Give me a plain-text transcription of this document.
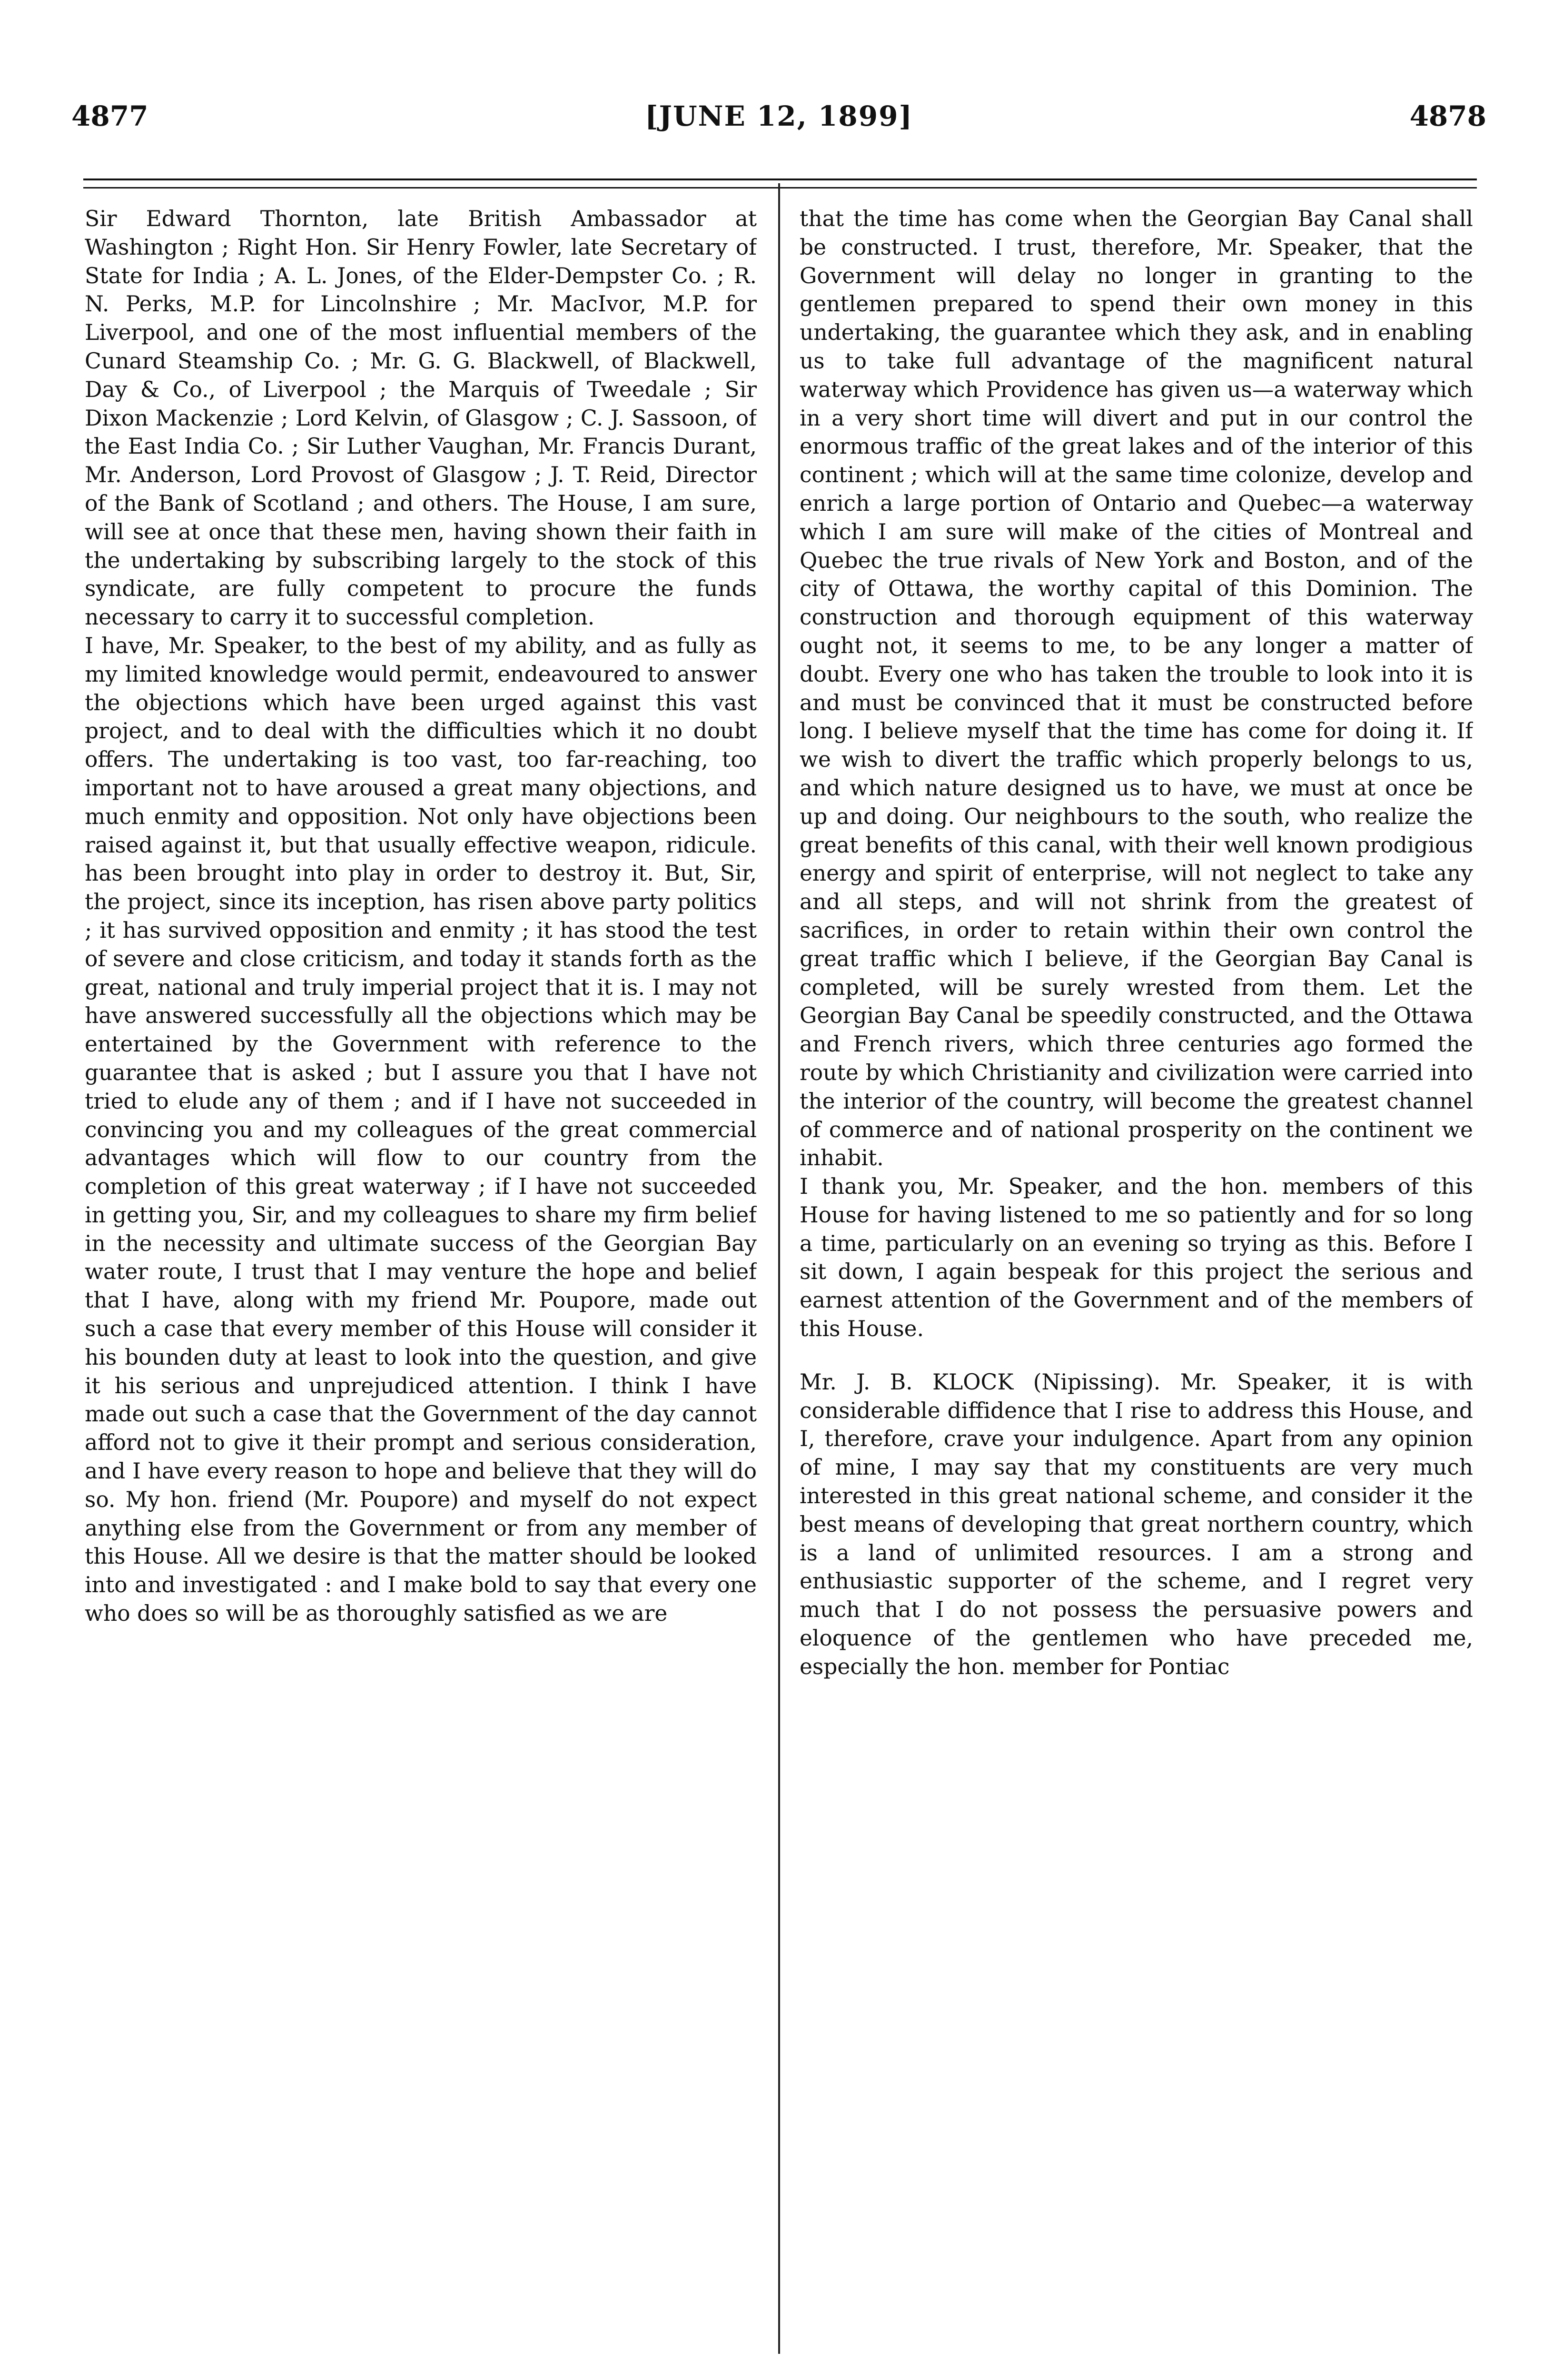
4877	[JUNE 12, 1899]	4878

Sir Edward Thornton, late British Ambassador at Washington ; Right Hon. Sir Henry Fowler, late Secretary of State for India ; A. L. Jones, of the Elder-Dempster Co. ; R. N. Perks, M.P. for Lincolnshire ; Mr. MacIvor, M.P. for Liverpool, and one of the most influential members of the Cunard Steamship Co. ; Mr. G. G. Blackwell, of Blackwell, Day & Co., of Liverpool ; the Marquis of Tweedale ; Sir Dixon Mackenzie ; Lord Kelvin, of Glasgow ; C. J. Sassoon, of the East India Co. ; Sir Luther Vaughan, Mr. Francis Durant, Mr. Anderson, Lord Provost of Glasgow ; J. T. Reid, Director of the Bank of Scotland ; and others. The House, I am sure, will see at once that these men, having shown their faith in the undertaking by subscribing largely to the stock of this syndicate, are fully competent to procure the funds necessary to carry it to successful completion.

I have, Mr. Speaker, to the best of my ability, and as fully as my limited knowledge would permit, endeavoured to answer the objections which have been urged against this vast project, and to deal with the difficulties which it no doubt offers. The undertaking is too vast, too far-reaching, too important not to have aroused a great many objections, and much enmity and opposition. Not only have objections been raised against it, but that usually effective weapon, ridicule. has been brought into play in order to destroy it. But, Sir, the project, since its inception, has risen above party politics ; it has survived opposition and enmity ; it has stood the test of severe and close criticism, and today it stands forth as the great, national and truly imperial project that it is. I may not have answered successfully all the objections which may be entertained by the Government with reference to the guarantee that is asked ; but I assure you that I have not tried to elude any of them ; and if I have not succeeded in convincing you and my colleagues of the great commercial advantages which will flow to our country from the completion of this great waterway ; if I have not succeeded in getting you, Sir, and my colleagues to share my firm belief in the necessity and ultimate success of the Georgian Bay water route, I trust that I may venture the hope and belief that I have, along with my friend Mr. Poupore, made out such a case that every member of this House will consider it his bounden duty at least to look into the question, and give it his serious and unprejudiced attention. I think I have made out such a case that the Government of the day cannot afford not to give it their prompt and serious consideration, and I have every reason to hope and believe that they will do so. My hon. friend (Mr. Poupore) and myself do not expect anything else from the Government or from any member of this House. All we desire is that the matter should be looked into and investigated : and I make bold to say that every one who does so will be as thoroughly satisfied as we are

that the time has come when the Georgian Bay Canal shall be constructed. I trust, therefore, Mr. Speaker, that the Government will delay no longer in granting to the gentlemen prepared to spend their own money in this undertaking, the guarantee which they ask, and in enabling us to take full advantage of the magnificent natural waterway which Providence has given us—a waterway which in a very short time will divert and put in our control the enormous traffic of the great lakes and of the interior of this continent ; which will at the same time colonize, develop and enrich a large portion of Ontario and Quebec—a waterway which I am sure will make of the cities of Montreal and Quebec the true rivals of New York and Boston, and of the city of Ottawa, the worthy capital of this Dominion. The construction and thorough equipment of this waterway ought not, it seems to me, to be any longer a matter of doubt. Every one who has taken the trouble to look into it is and must be convinced that it must be constructed before long. I believe myself that the time has come for doing it. If we wish to divert the traffic which properly belongs to us, and which nature designed us to have, we must at once be up and doing. Our neighbours to the south, who realize the great benefits of this canal, with their well known prodigious energy and spirit of enterprise, will not neglect to take any and all steps, and will not shrink from the greatest of sacrifices, in order to retain within their own control the great traffic which I believe, if the Georgian Bay Canal is completed, will be surely wrested from them. Let the Georgian Bay Canal be speedily constructed, and the Ottawa and French rivers, which three centuries ago formed the route by which Christianity and civilization were carried into the interior of the country, will become the greatest channel of commerce and of national prosperity on the continent we inhabit.

I thank you, Mr. Speaker, and the hon. members of this House for having listened to me so patiently and for so long a time, particularly on an evening so trying as this. Before I sit down, I again bespeak for this project the serious and earnest attention of the Government and of the members of this House.

Mr. J. B. KLOCK (Nipissing). Mr. Speaker, it is with considerable diffidence that I rise to address this House, and I, therefore, crave your indulgence. Apart from any opinion of mine, I may say that my constituents are very much interested in this great national scheme, and consider it the best means of developing that great northern country, which is a land of unlimited resources. I am a strong and enthusiastic supporter of the scheme, and I regret very much that I do not possess the persuasive powers and eloquence of the gentlemen who have preceded me, especially the hon. member for Pontiac
